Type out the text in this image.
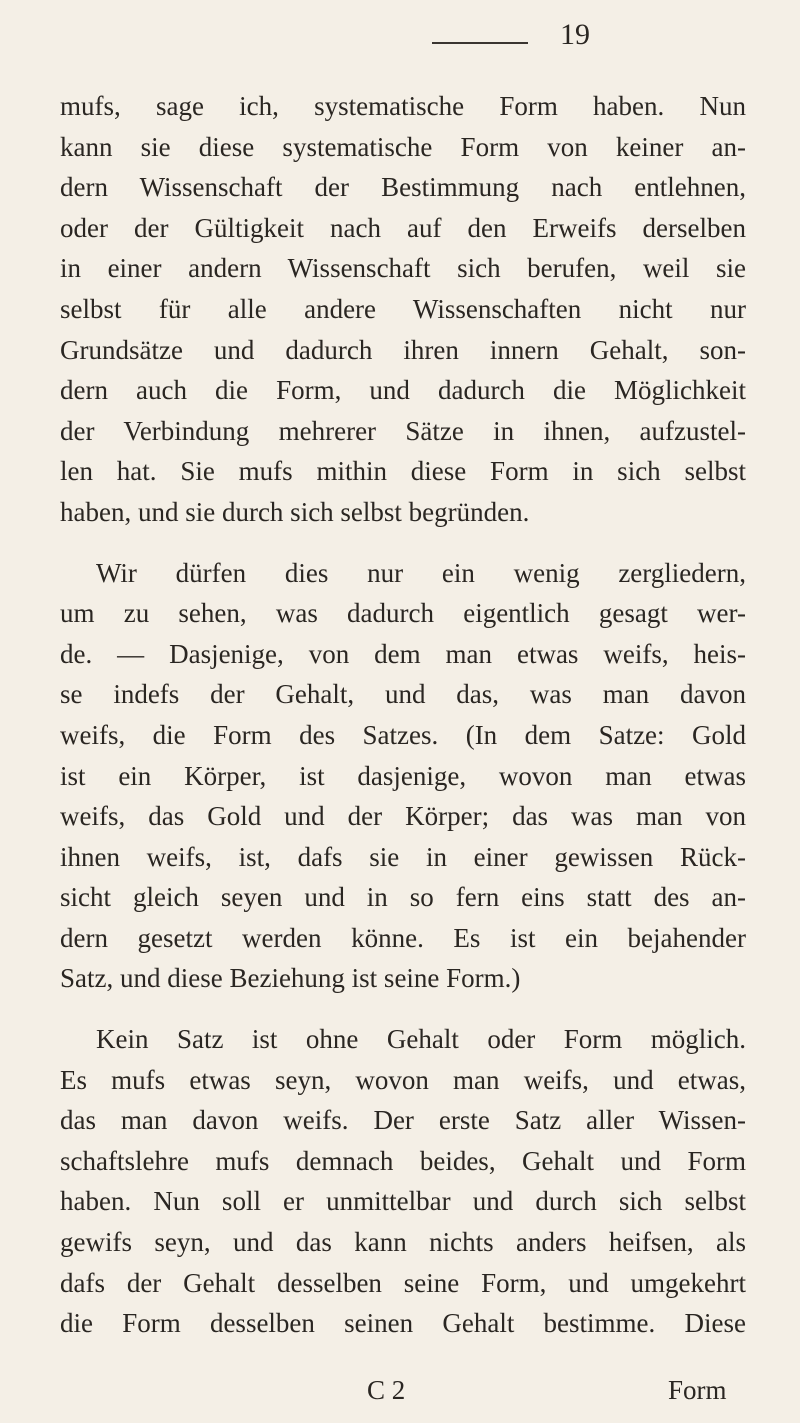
19
mufs, sage ich, systematische Form haben. Nun
kann sie diese systematische Form von keiner an-
dern Wissenschaft der Bestimmung nach entlehnen,
oder der Gültigkeit nach auf den Erweifs derselben
in einer andern Wissenschaft sich berufen, weil sie
selbst für alle andere Wissenschaften nicht nur
Grundsätze und dadurch ihren innern Gehalt, son-
dern auch die Form, und dadurch die Möglichkeit
der Verbindung mehrerer Sätze in ihnen, aufzustel-
len hat. Sie mufs mithin diese Form in sich selbst
haben, und sie durch sich selbst begründen.
Wir dürfen dies nur ein wenig zergliedern,
um zu sehen, was dadurch eigentlich gesagt wer-
de. — Dasjenige, von dem man etwas weifs, heis-
se indefs der Gehalt, und das, was man davon
weifs, die Form des Satzes. (In dem Satze: Gold
ist ein Körper, ist dasjenige, wovon man etwas
weifs, das Gold und der Körper; das was man von
ihnen weifs, ist, dafs sie in einer gewissen Rück-
sicht gleich seyen und in so fern eins statt des an-
dern gesetzt werden könne. Es ist ein bejahender
Satz, und diese Beziehung ist seine Form.)
Kein Satz ist ohne Gehalt oder Form möglich.
Es mufs etwas seyn, wovon man weifs, und etwas,
das man davon weifs. Der erste Satz aller Wissen-
schaftslehre mufs demnach beides, Gehalt und Form
haben. Nun soll er unmittelbar und durch sich selbst
gewifs seyn, und das kann nichts anders heifsen, als
dafs der Gehalt desselben seine Form, und umgekehrt
die Form desselben seinen Gehalt bestimme. Diese
C 2	Form
